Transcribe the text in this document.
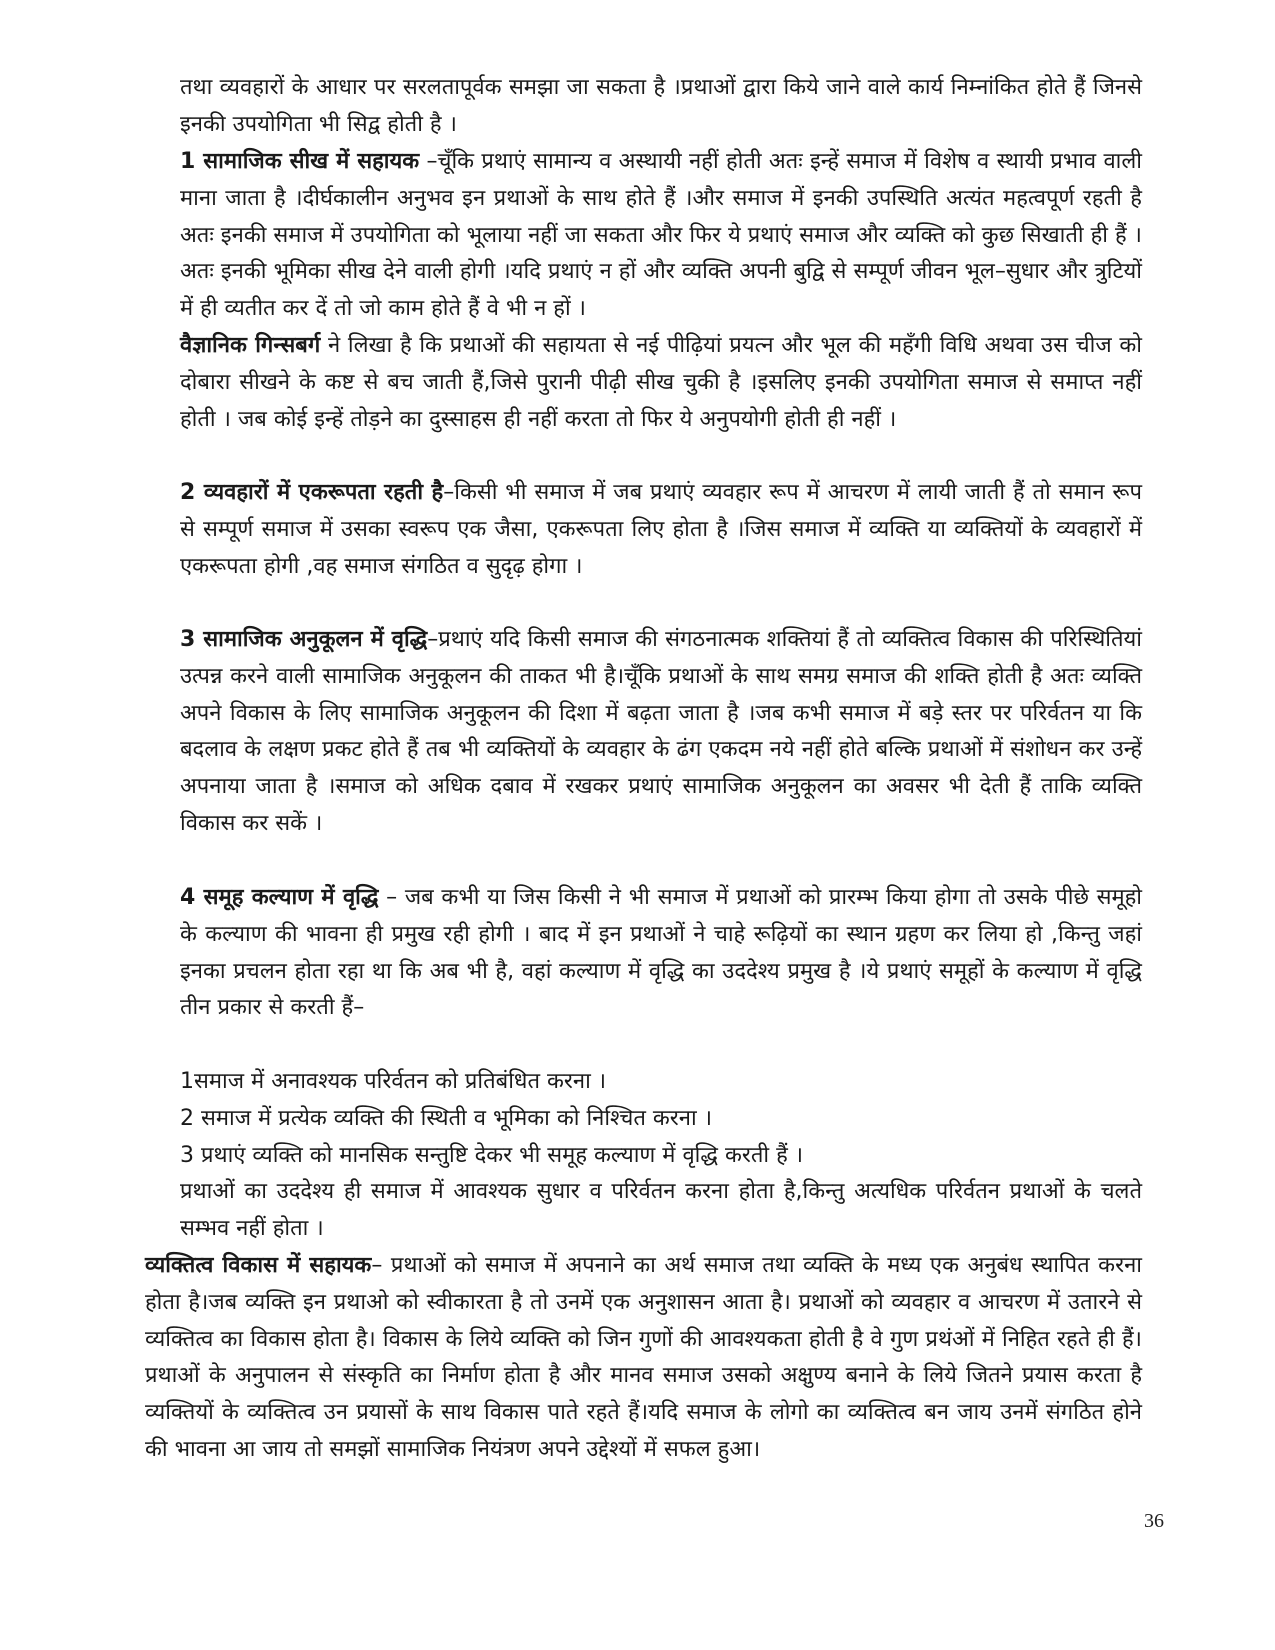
तथा व्यवहारों के आधार पर सरलतापूर्वक समझा जा सकता है ।प्रथाओं द्वारा किये जाने वाले कार्य निम्नांकित होते हैं जिनसे इनकी उपयोगिता भी सिद्व होती है ।

1 सामाजिक सीख में सहायक –चूँकि प्रथाएं सामान्य व अस्थायी नहीं होती अतः इन्हें समाज में विशेष व स्थायी प्रभाव वाली माना जाता है ।दीर्घकालीन अनुभव इन प्रथाओं के साथ होते हैं ।और समाज में इनकी उपस्थिति अत्यंत महत्वपूर्ण रहती है अतः इनकी समाज में उपयोगिता को भूलाया नहीं जा सकता और फिर ये प्रथाएं समाज और व्यक्ति को कुछ सिखाती ही हैं ।अतः इनकी भूमिका सीख देने वाली होगी ।यदि प्रथाएं न हों और व्यक्ति अपनी बुद्वि से सम्पूर्ण जीवन भूल–सुधार और त्रुटियों में ही व्यतीत कर दें तो जो काम होते हैं वे भी न हों ।

वैज्ञानिक गिन्सबर्ग ने लिखा है कि प्रथाओं की सहायता से नई पीढ़ियां प्रयत्न और भूल की महँगी विधि अथवा उस चीज को दोबारा सीखने के कष्ट से बच जाती हैं,जिसे पुरानी पीढ़ी सीख चुकी है ।इसलिए इनकी उपयोगिता समाज से समाप्त नहीं होती । जब कोई इन्हें तोड़ने का दुस्साहस ही नहीं करता तो फिर ये अनुपयोगी होती ही नहीं ।

2 व्यवहारों में एकरूपता रहती है–किसी भी समाज में जब प्रथाएं व्यवहार रूप में आचरण में लायी जाती हैं तो समान रूप से सम्पूर्ण समाज में उसका स्वरूप एक जैसा, एकरूपता लिए होता है ।जिस समाज में व्यक्ति या व्यक्तियों के व्यवहारों में एकरूपता होगी ,वह समाज संगठित व सुदृढ़ होगा ।

3 सामाजिक अनुकूलन में वृद्धि–प्रथाएं यदि किसी समाज की संगठनात्मक शक्तियां हैं तो व्यक्तित्व विकास की परिस्थितियां उत्पन्न करने वाली सामाजिक अनुकूलन की ताकत भी है।चूँकि प्रथाओं के साथ समग्र समाज की शक्ति होती है अतः व्यक्ति अपने विकास के लिए सामाजिक अनुकूलन की दिशा में बढ़ता जाता है ।जब कभी समाज में बड़े स्तर पर परिर्वतन या कि बदलाव के लक्षण प्रकट होते हैं तब भी व्यक्तियों के व्यवहार के ढंग एकदम नये नहीं होते बल्कि प्रथाओं में संशोधन कर उन्हें अपनाया जाता है ।समाज को अधिक दबाव में रखकर प्रथाएं सामाजिक अनुकूलन का अवसर भी देती हैं ताकि व्यक्ति विकास कर सकें ।

4 समूह कल्याण में वृद्धि – जब कभी या जिस किसी ने भी समाज में प्रथाओं को प्रारम्भ किया होगा तो उसके पीछे समूहो के कल्याण की भावना ही प्रमुख रही होगी । बाद में इन प्रथाओं ने चाहे रूढ़ियों का स्थान ग्रहण कर लिया हो ,किन्तु जहां इनका प्रचलन होता रहा था कि अब भी है, वहां कल्याण में वृद्धि का उददेश्य प्रमुख है ।ये प्रथाएं समूहों के कल्याण में वृद्धि तीन प्रकार से करती हैं–

1समाज में अनावश्यक परिर्वतन को प्रतिबंधित करना ।

2 समाज में प्रत्येक व्यक्ति की स्थिती व भूमिका को निश्चित करना ।

3 प्रथाएं व्यक्ति को मानसिक सन्तुष्टि देकर भी समूह कल्याण में वृद्धि करती हैं ।

प्रथाओं का उददेश्य ही समाज में आवश्यक सुधार व परिर्वतन करना होता है,किन्तु अत्यधिक परिर्वतन प्रथाओं के चलते सम्भव नहीं होता ।

व्यक्तित्व विकास में सहायक– प्रथाओं को समाज में अपनाने का अर्थ समाज तथा व्यक्ति के मध्य एक अनुबंध स्थापित करना होता है।जब व्यक्ति इन प्रथाओ को स्वीकारता है तो उनमें एक अनुशासन आता है। प्रथाओं को व्यवहार व आचरण में उतारने से व्यक्तित्व का विकास होता है। विकास के लिये व्यक्ति को जिन गुणों की आवश्यकता होती है वे गुण प्रथंओं में निहित रहते ही हैं।प्रथाओं के अनुपालन से संस्कृति का निर्माण होता है और मानव समाज उसको अक्षुण्य बनाने के लिये जितने प्रयास करता है व्यक्तियों के व्यक्तित्व उन प्रयासों के साथ विकास पाते रहते हैं।यदि समाज के लोगो का व्यक्तित्व बन जाय उनमें संगठित होने की भावना आ जाय तो समझों सामाजिक नियंत्रण अपने उद्देश्यों में सफल हुआ।

36
